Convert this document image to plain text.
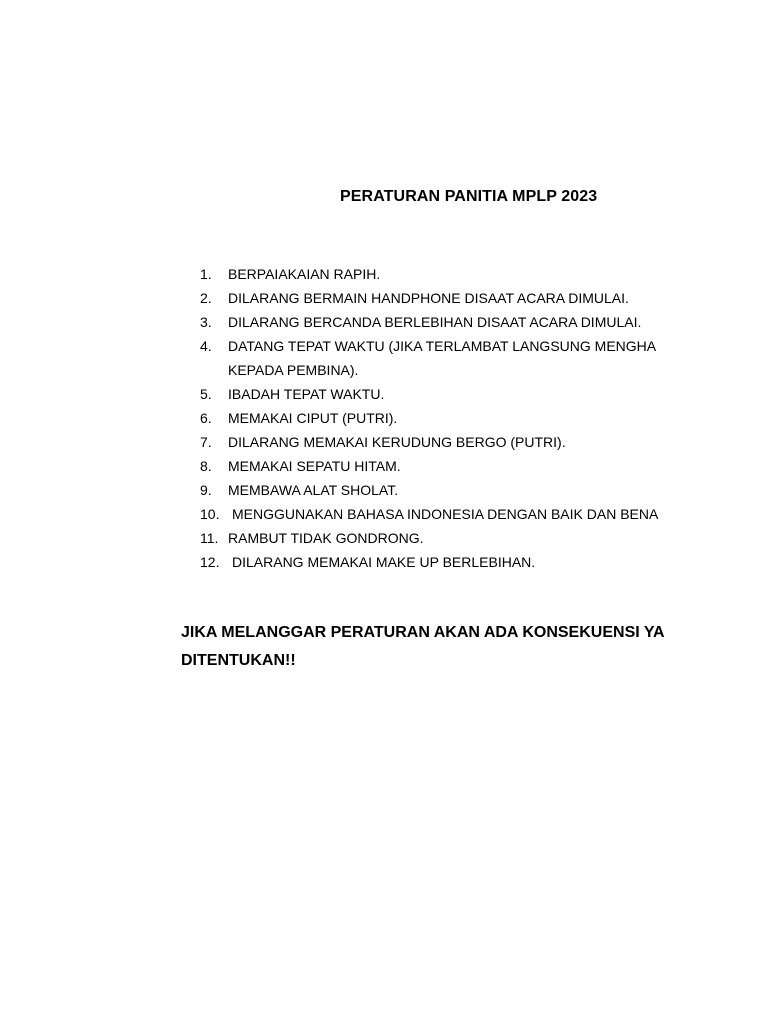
PERATURAN PANITIA MPLP 2023
1.	BERPAIAKAIAN RAPIH.
2.	DILARANG BERMAIN HANDPHONE DISAAT ACARA DIMULAI.
3.	DILARANG BERCANDA BERLEBIHAN DISAAT ACARA DIMULAI.
4.	DATANG TEPAT WAKTU (JIKA TERLAMBAT LANGSUNG MENGHA
KEPADA PEMBINA).
5.	IBADAH TEPAT WAKTU.
6.	MEMAKAI CIPUT (PUTRI).
7.	DILARANG MEMAKAI KERUDUNG BERGO (PUTRI).
8.	MEMAKAI SEPATU HITAM.
9.	MEMBAWA ALAT SHOLAT.
10. MENGGUNAKAN BAHASA INDONESIA DENGAN BAIK DAN BENA
11. RAMBUT TIDAK GONDRONG.
12. DILARANG MEMAKAI MAKE UP BERLEBIHAN.
JIKA MELANGGAR PERATURAN AKAN ADA KONSEKUENSI YA
DITENTUKAN!!
